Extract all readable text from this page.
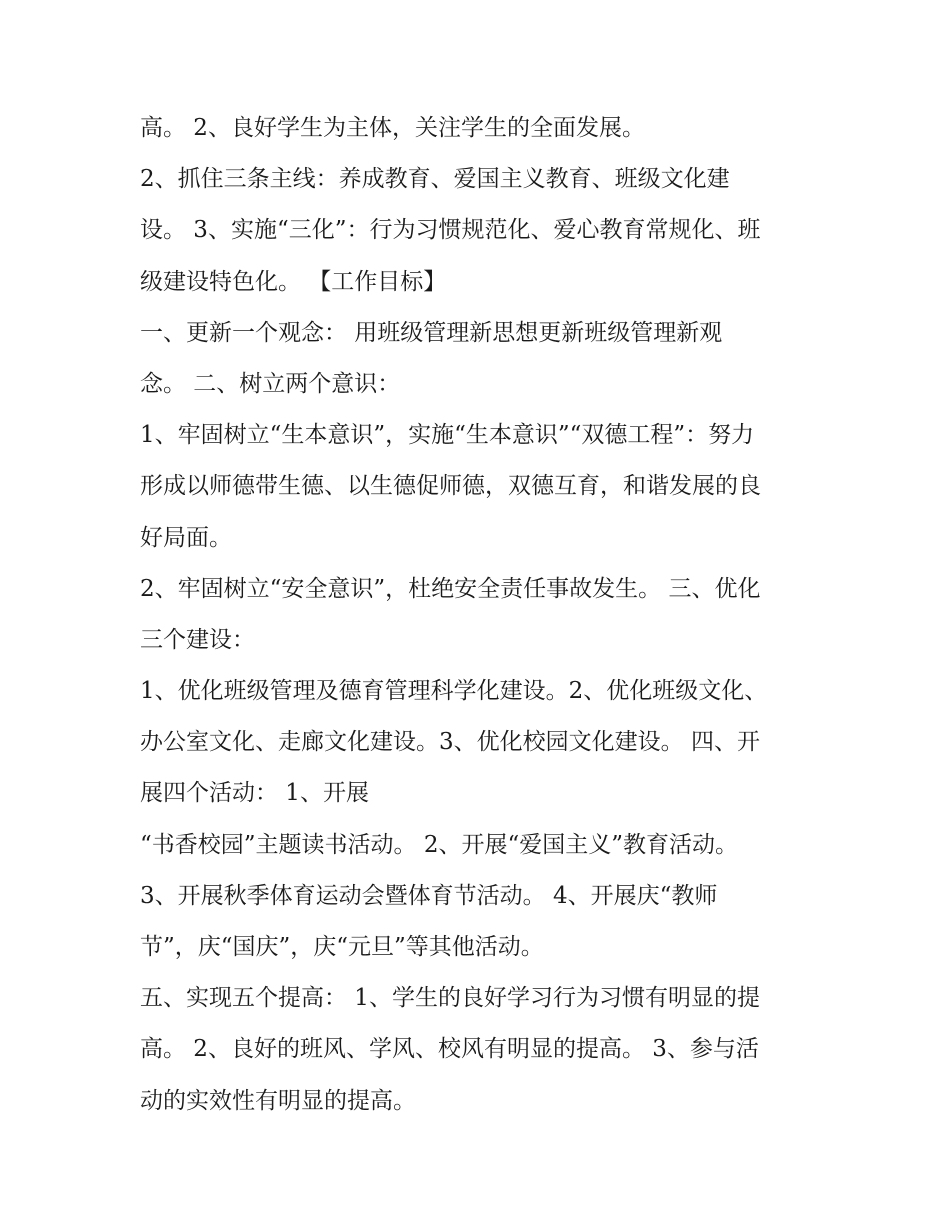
高。 2、良好学生为主体，关注学生的全面发展。
2、抓住三条主线：养成教育、爱国主义教育、班级文化建
设。 3、实施“三化”：行为习惯规范化、爱心教育常规化、班
级建设特色化。 【工作目标】
一、更新一个观念： 用班级管理新思想更新班级管理新观
念。 二、树立两个意识：
1、牢固树立“生本意识”，实施“生本意识”“双德工程”：努力
形成以师德带生德、以生德促师德，双德互育，和谐发展的良
好局面。
2、牢固树立“安全意识”，杜绝安全责任事故发生。 三、优化
三个建设：
1、优化班级管理及德育管理科学化建设。2、优化班级文化、
办公室文化、走廊文化建设。3、优化校园文化建设。 四、开
展四个活动： 1、开展
“书香校园”主题读书活动。 2、开展“爱国主义”教育活动。
3、开展秋季体育运动会暨体育节活动。 4、开展庆“教师
节”，庆“国庆”，庆“元旦”等其他活动。
五、实现五个提高： 1、学生的良好学习行为习惯有明显的提
高。 2、良好的班风、学风、校风有明显的提高。 3、参与活
动的实效性有明显的提高。
